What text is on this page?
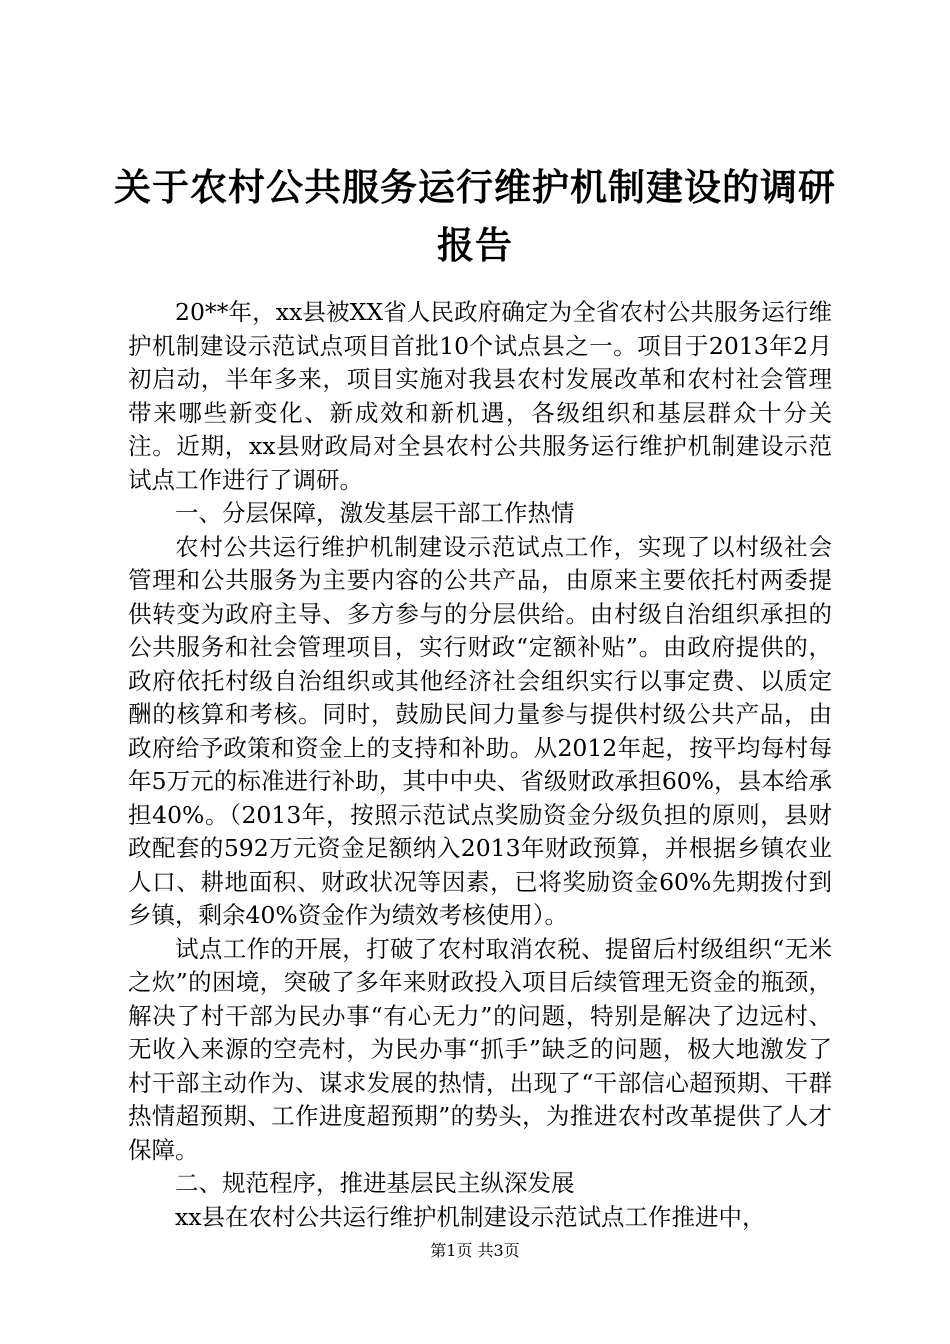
关于农村公共服务运行维护机制建设的调研报告

20**年，xx县被XX省人民政府确定为全省农村公共服务运行维护机制建设示范试点项目首批10个试点县之一。项目于2013年2月初启动，半年多来，项目实施对我县农村发展改革和农村社会管理带来哪些新变化、新成效和新机遇，各级组织和基层群众十分关注。近期，xx县财政局对全县农村公共服务运行维护机制建设示范试点工作进行了调研。

一、分层保障，激发基层干部工作热情

农村公共运行维护机制建设示范试点工作，实现了以村级社会管理和公共服务为主要内容的公共产品，由原来主要依托村两委提供转变为政府主导、多方参与的分层供给。由村级自治组织承担的公共服务和社会管理项目，实行财政“定额补贴”。由政府提供的，政府依托村级自治组织或其他经济社会组织实行以事定费、以质定酬的核算和考核。同时，鼓励民间力量参与提供村级公共产品，由政府给予政策和资金上的支持和补助。从2012年起，按平均每村每年5万元的标准进行补助，其中中央、省级财政承担60%，县本给承担40%。（2013年，按照示范试点奖励资金分级负担的原则，县财政配套的592万元资金足额纳入2013年财政预算，并根据乡镇农业人口、耕地面积、财政状况等因素，已将奖励资金60%先期拨付到乡镇，剩余40%资金作为绩效考核使用）。

试点工作的开展，打破了农村取消农税、提留后村级组织“无米之炊”的困境，突破了多年来财政投入项目后续管理无资金的瓶颈，解决了村干部为民办事“有心无力”的问题，特别是解决了边远村、无收入来源的空壳村，为民办事“抓手”缺乏的问题，极大地激发了村干部主动作为、谋求发展的热情，出现了“干部信心超预期、干群热情超预期、工作进度超预期”的势头，为推进农村改革提供了人才保障。

二、规范程序，推进基层民主纵深发展

xx县在农村公共运行维护机制建设示范试点工作推进中，

第1页 共3页
